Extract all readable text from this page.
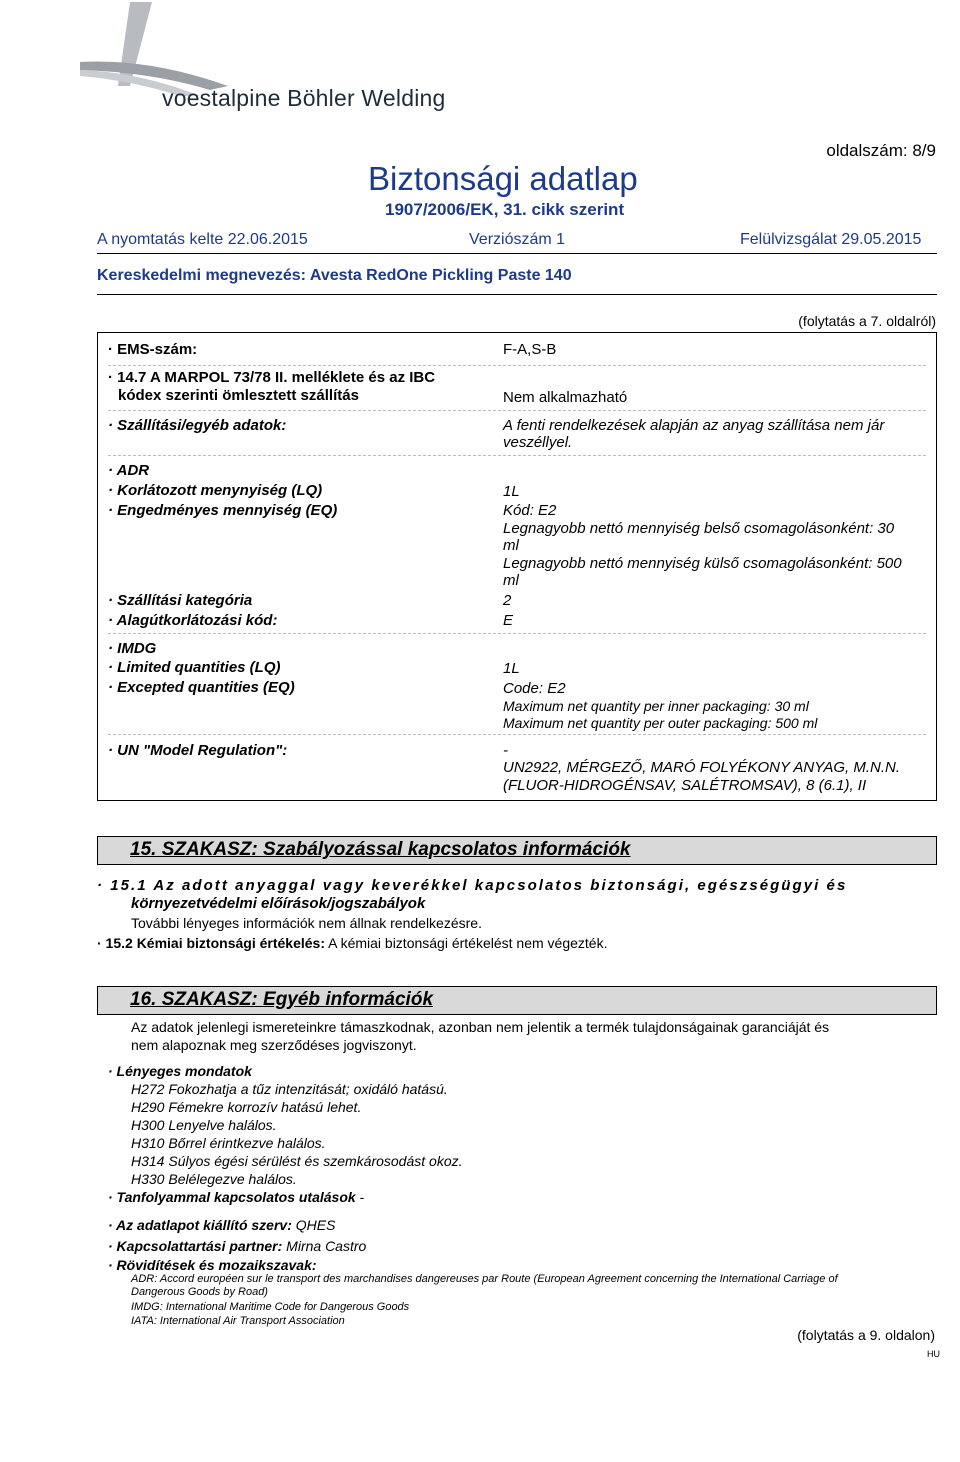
voestalpine Böhler Welding
oldalszám: 8/9
Biztonsági adatlap
1907/2006/EK, 31. cikk szerint
A nyomtatás kelte 22.06.2015	Verziószám 1	Felülvizsgálat 29.05.2015
Kereskedelmi megnevezés: Avesta RedOne Pickling Paste 140
(folytatás a 7. oldalról)
· EMS-szám:	F-A,S-B
· 14.7 A MARPOL 73/78 II. melléklete és az IBC
kódex szerinti ömlesztett szállítás	Nem alkalmazható
· Szállítási/egyéb adatok:	A fenti rendelkezések alapján az anyag szállítása nem jár
veszéllyel.
· ADR
· Korlátozott menynyiség (LQ)	1L
· Engedményes mennyiség (EQ)	Kód: E2
Legnagyobb nettó mennyiség belső csomagolásonként: 30
ml
Legnagyobb nettó mennyiség külső csomagolásonként: 500
ml
· Szállítási kategória	2
· Alagútkorlátozási kód:	E
· IMDG
· Limited quantities (LQ)	1L
· Excepted quantities (EQ)	Code: E2
Maximum net quantity per inner packaging: 30 ml
Maximum net quantity per outer packaging: 500 ml
· UN "Model Regulation":	-
UN2922, MÉRGEZŐ, MARÓ FOLYÉKONY ANYAG, M.N.N.
(FLUOR-HIDROGÉNSAV, SALÉTROMSAV), 8 (6.1), II
15. SZAKASZ: Szabályozással kapcsolatos információk
· 15.1 Az adott anyaggal vagy keverékkel kapcsolatos biztonsági, egészségügyi és
környezetvédelmi előírások/jogszabályok
További lényeges információk nem állnak rendelkezésre.
· 15.2 Kémiai biztonsági értékelés: A kémiai biztonsági értékelést nem végezték.
16. SZAKASZ: Egyéb információk
Az adatok jelenlegi ismereteinkre támaszkodnak, azonban nem jelentik a termék tulajdonságainak garanciáját és
nem alapoznak meg szerződéses jogviszonyt.
· Lényeges mondatok
H272 Fokozhatja a tűz intenzitását; oxidáló hatású.
H290 Fémekre korrozív hatású lehet.
H300 Lenyelve halálos.
H310 Bőrrel érintkezve halálos.
H314 Súlyos égési sérülést és szemkárosodást okoz.
H330 Belélegezve halálos.
· Tanfolyammal kapcsolatos utalások -
· Az adatlapot kiállító szerv: QHES
· Kapcsolattartási partner: Mirna Castro
· Rövidítések és mozaikszavak:
ADR: Accord européen sur le transport des marchandises dangereuses par Route (European Agreement concerning the International Carriage of
Dangerous Goods by Road)
IMDG: International Maritime Code for Dangerous Goods
IATA: International Air Transport Association
(folytatás a 9. oldalon)
HU
